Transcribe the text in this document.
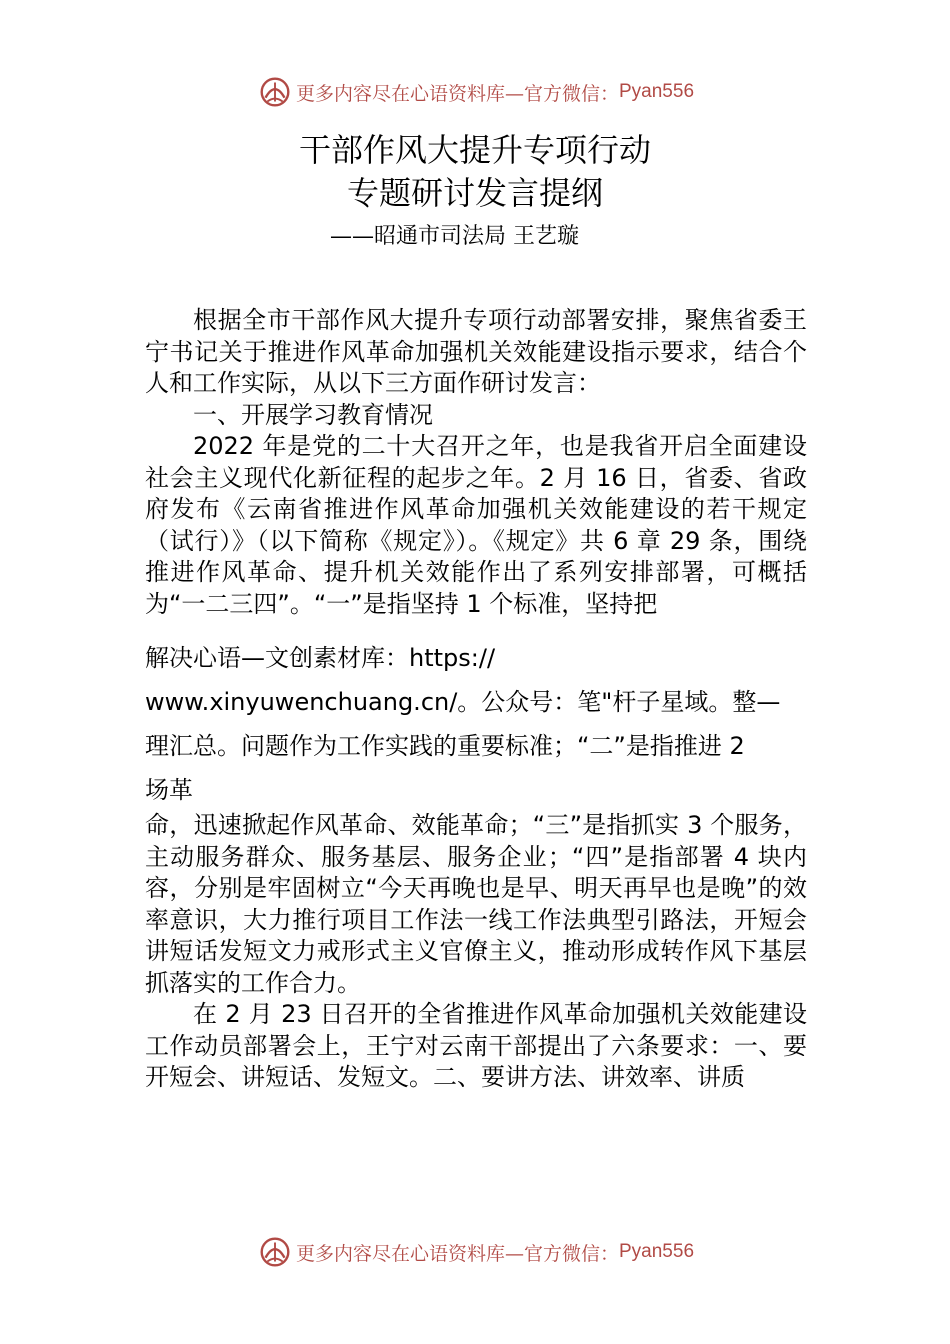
更多内容尽在心语资料库—官方微信： Pyan556
干部作风大提升专项行动
专题研讨发言提纲
——昭通市司法局 王艺璇

根据全市干部作风大提升专项行动部署安排，聚焦省委王宁书记关于推进作风革命加强机关效能建设指示要求，结合个人和工作实际，从以下三方面作研讨发言：

一、开展学习教育情况

2022 年是党的二十大召开之年，也是我省开启全面建设社会主义现代化新征程的起步之年。2 月 16 日，省委、省政府发布《云南省推进作风革命加强机关效能建设的若干规定（试行）》（以下简称《规定》）。《规定》共 6 章 29 条，围绕推进作风革命、提升机关效能作出了系列安排部署，可概括为“一二三四”。“一”是指坚持 1 个标准，坚持把

解决心语—文创素材库：https://
www.xinyuwenchuang.cn/。公众号：笔"杆子星域。整—
理汇总。问题作为工作实践的重要标准；“二”是指推进 2
场革

命，迅速掀起作风革命、效能革命；“三”是指抓实 3 个服务，主动服务群众、服务基层、服务企业；“四”是指部署 4 块内容，分别是牢固树立“今天再晚也是早、明天再早也是晚”的效率意识，大力推行项目工作法一线工作法典型引路法，开短会讲短话发短文力戒形式主义官僚主义，推动形成转作风下基层抓落实的工作合力。

在 2 月 23 日召开的全省推进作风革命加强机关效能建设工作动员部署会上，王宁对云南干部提出了六条要求：一、要开短会、讲短话、发短文。二、要讲方法、讲效率、讲质

更多内容尽在心语资料库—官方微信： Pyan556
